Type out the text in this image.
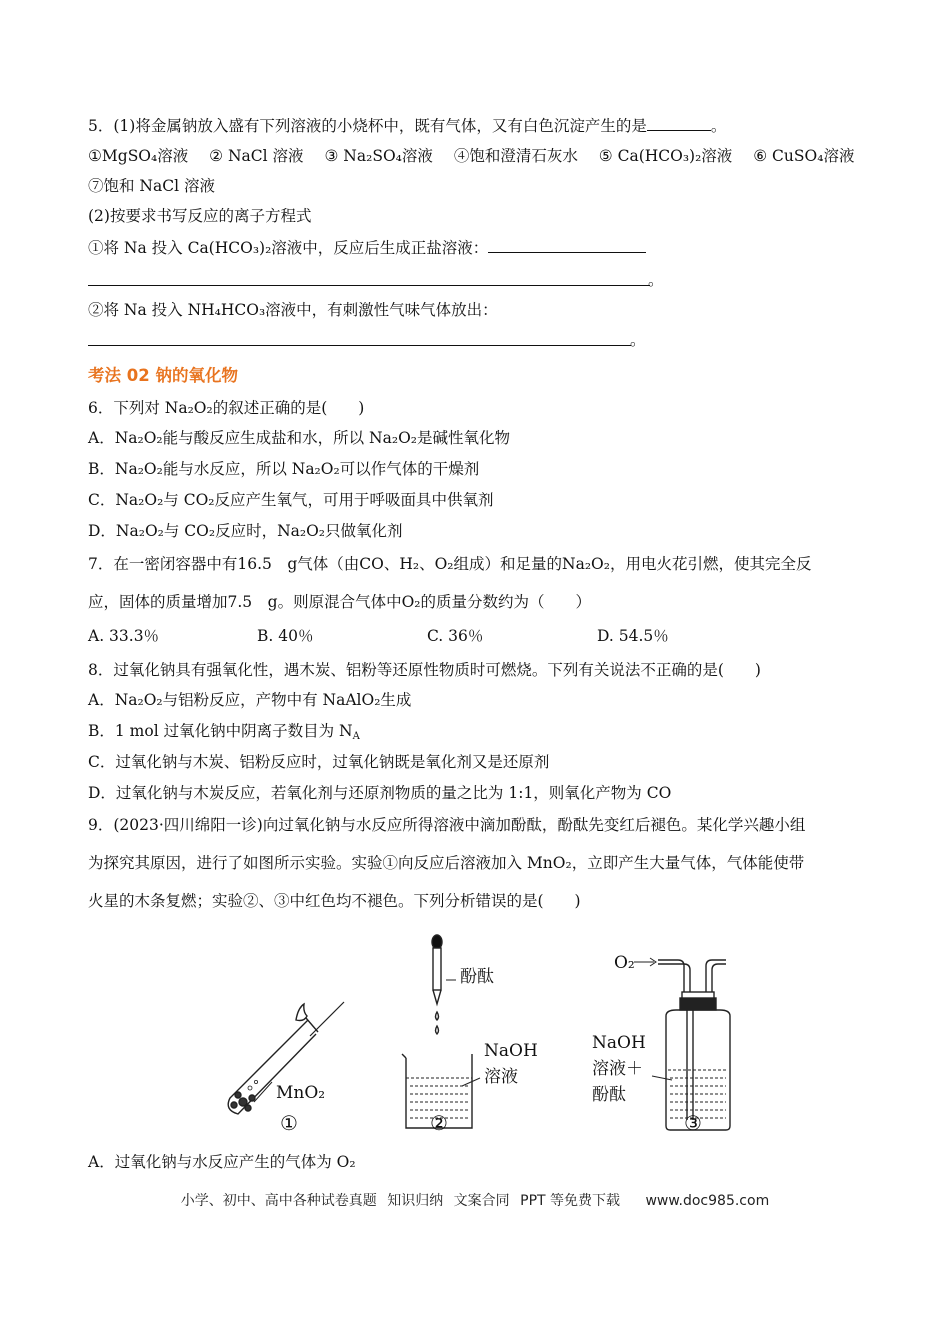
5．(1)将金属钠放入盛有下列溶液的小烧杯中，既有气体，又有白色沉淀产生的是	。
①MgSO₄溶液 ② NaCl 溶液 ③ Na₂SO₄溶液 ④饱和澄清石灰水 ⑤ Ca(HCO₃)₂溶液 ⑥ CuSO₄溶液
⑦饱和 NaCl 溶液
(2)按要求书写反应的离子方程式
①将 Na 投入 Ca(HCO₃)₂溶液中，反应后生成正盐溶液：
。
②将 Na 投入 NH₄HCO₃溶液中，有刺激性气味气体放出：
。
考法 02 钠的氧化物
6．下列对 Na₂O₂的叙述正确的是(　　)
A．Na₂O₂能与酸反应生成盐和水，所以 Na₂O₂是碱性氧化物
B．Na₂O₂能与水反应，所以 Na₂O₂可以作气体的干燥剂
C．Na₂O₂与 CO₂反应产生氧气，可用于呼吸面具中供氧剂
D．Na₂O₂与 CO₂反应时，Na₂O₂只做氧化剂
7．在一密闭容器中有16.5　g气体（由CO、H₂、O₂组成）和足量的Na₂O₂，用电火花引燃，使其完全反
应，固体的质量增加7.5　g。则原混合气体中O₂的质量分数约为（　　）
A. 33.3％	B. 40％	C. 36％	D. 54.5％
8．过氧化钠具有强氧化性，遇木炭、铝粉等还原性物质时可燃烧。下列有关说法不正确的是(　　)
A．Na₂O₂与铝粉反应，产物中有 NaAlO₂生成
B．1 mol 过氧化钠中阴离子数目为 $N_A$
C．过氧化钠与木炭、铝粉反应时，过氧化钠既是氧化剂又是还原剂
D．过氧化钠与木炭反应，若氧化剂与还原剂物质的量之比为 1:1，则氧化产物为 CO
9．(2023·四川绵阳一诊)向过氧化钠与水反应所得溶液中滴加酚酞，酚酞先变红后褪色。某化学兴趣小组
为探究其原因，进行了如图所示实验。实验①向反应后溶液加入 MnO₂，立即产生大量气体，气体能使带
火星的木条复燃；实验②、③中红色均不褪色。下列分析错误的是(　　)
MnO₂
酚酞
NaOH
溶液
O₂
NaOH
溶液＋
酚酞
①	②	③
A．过氧化钠与水反应产生的气体为 O₂
小学、初中、高中各种试卷真题 知识归纳 文案合同 PPT 等免费下载 www.doc985.com
